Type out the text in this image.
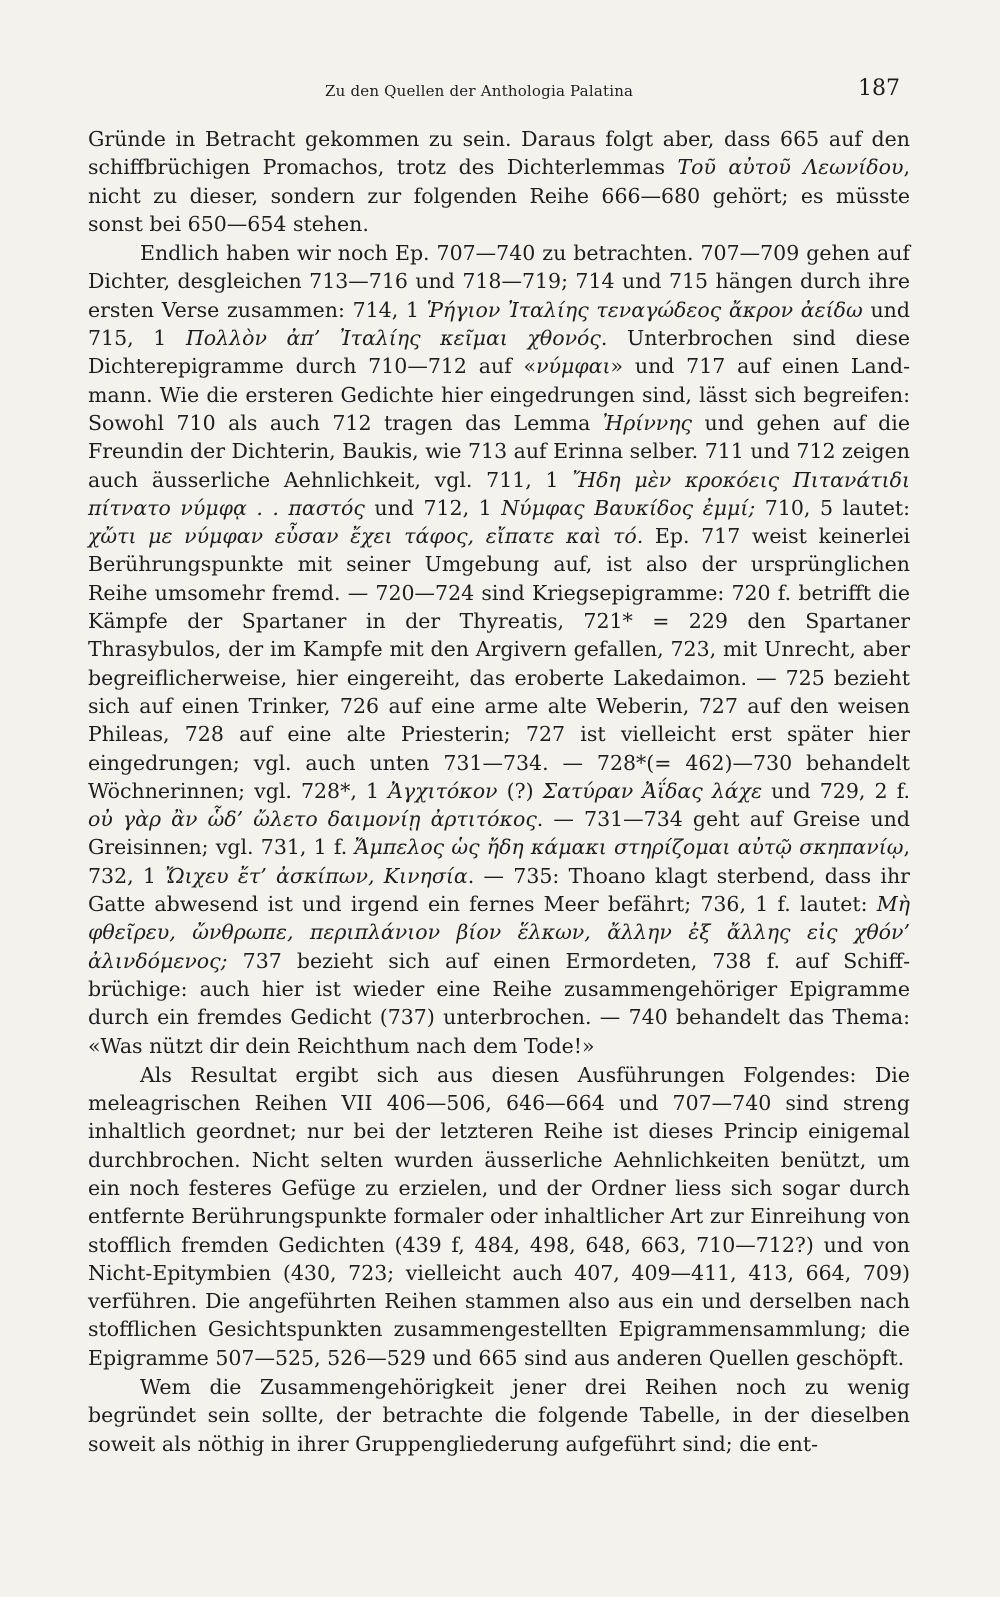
Zu den Quellen der Anthologia Palatina	187

Gründe in Betracht gekommen zu sein. Daraus folgt aber, dass 665 auf den schiffbrüchigen Promachos, trotz des Dichterlemmas Τοῦ αὐτοῦ Λεωνίδου, nicht zu dieser, sondern zur folgenden Reihe 666—680 gehört; es müsste sonst bei 650—654 stehen.

Endlich haben wir noch Ep. 707—740 zu betrachten. 707—709 gehen auf Dichter, desgleichen 713—716 und 718—719; 714 und 715 hängen durch ihre ersten Verse zusammen: 714, 1 Ῥήγιον Ἰταλίης τεναγώδεος ἄκρον ἀείδω und 715, 1 Πολλὸν ἀπ’ Ἰταλίης κεῖμαι χθονός. Unterbrochen sind diese Dichterepigramme durch 710—712 auf «νύμφαι» und 717 auf einen Landmann. Wie die ersteren Gedichte hier eingedrungen sind, lässt sich begreifen: Sowohl 710 als auch 712 tragen das Lemma Ἠρίννης und gehen auf die Freundin der Dichterin, Baukis, wie 713 auf Erinna selber. 711 und 712 zeigen auch äusserliche Aehnlichkeit, vgl. 711, 1 Ἤδη μὲν κροκόεις Πιτανάτιδι πίτνατο νύμφᾳ . . παστός und 712, 1 Νύμφας Βαυκίδος ἐμμί; 710, 5 lautet: χὤτι με νύμφαν εὖσαν ἔχει τάφος, εἴπατε καὶ τό. Ep. 717 weist keinerlei Berührungspunkte mit seiner Umgebung auf, ist also der ursprünglichen Reihe umsomehr fremd. — 720—724 sind Kriegsepigramme: 720 f. betrifft die Kämpfe der Spartaner in der Thyreatis, 721* = 229 den Spartaner Thrasybulos, der im Kampfe mit den Argivern gefallen, 723, mit Unrecht, aber begreiflicherweise, hier eingereiht, das eroberte Lakedaimon. — 725 bezieht sich auf einen Trinker, 726 auf eine arme alte Weberin, 727 auf den weisen Phileas, 728 auf eine alte Priesterin; 727 ist vielleicht erst später hier eingedrungen; vgl. auch unten 731—734. — 728*(= 462)—730 behandelt Wöchnerinnen; vgl. 728*, 1 Ἀγχιτόκον (?) Σατύραν Ἀΐδας λάχε und 729, 2 f. οὐ γὰρ ἂν ὧδ’ ὤλετο δαιμονίῃ ἀρτιτόκος. — 731—734 geht auf Greise und Greisinnen; vgl. 731, 1 f. Ἄμπελος ὡς ἤδη κάμακι στηρίζομαι αὐτῷ σκηπανίῳ, 732, 1 Ὤιχευ ἔτ’ ἀσκίπων, Κινησία. — 735: Thoano klagt sterbend, dass ihr Gatte abwesend ist und irgend ein fernes Meer befährt; 736, 1 f. lautet: Μὴ φθεῖρευ, ὤνθρωπε, περιπλάνιον βίον ἕλκων, ἄλλην ἐξ ἄλλης εἰς χθόν’ ἀλινδόμενος; 737 bezieht sich auf einen Ermordeten, 738 f. auf Schiffbrüchige: auch hier ist wieder eine Reihe zusammengehöriger Epigramme durch ein fremdes Gedicht (737) unterbrochen. — 740 behandelt das Thema: «Was nützt dir dein Reichthum nach dem Tode!»

Als Resultat ergibt sich aus diesen Ausführungen Folgendes: Die meleagrischen Reihen VII 406—506, 646—664 und 707—740 sind streng inhaltlich geordnet; nur bei der letzteren Reihe ist dieses Princip einigemal durchbrochen. Nicht selten wurden äusserliche Aehnlichkeiten benützt, um ein noch festeres Gefüge zu erzielen, und der Ordner liess sich sogar durch entfernte Berührungspunkte formaler oder inhaltlicher Art zur Einreihung von stofflich fremden Gedichten (439 f, 484, 498, 648, 663, 710—712?) und von Nicht-Epitymbien (430, 723; vielleicht auch 407, 409—411, 413, 664, 709) verführen. Die angeführten Reihen stammen also aus ein und derselben nach stofflichen Gesichtspunkten zusammengestellten Epigrammensammlung; die Epigramme 507—525, 526—529 und 665 sind aus anderen Quellen geschöpft.

Wem die Zusammengehörigkeit jener drei Reihen noch zu wenig begründet sein sollte, der betrachte die folgende Tabelle, in der dieselben soweit als nöthig in ihrer Gruppengliederung aufgeführt sind; die ent-
